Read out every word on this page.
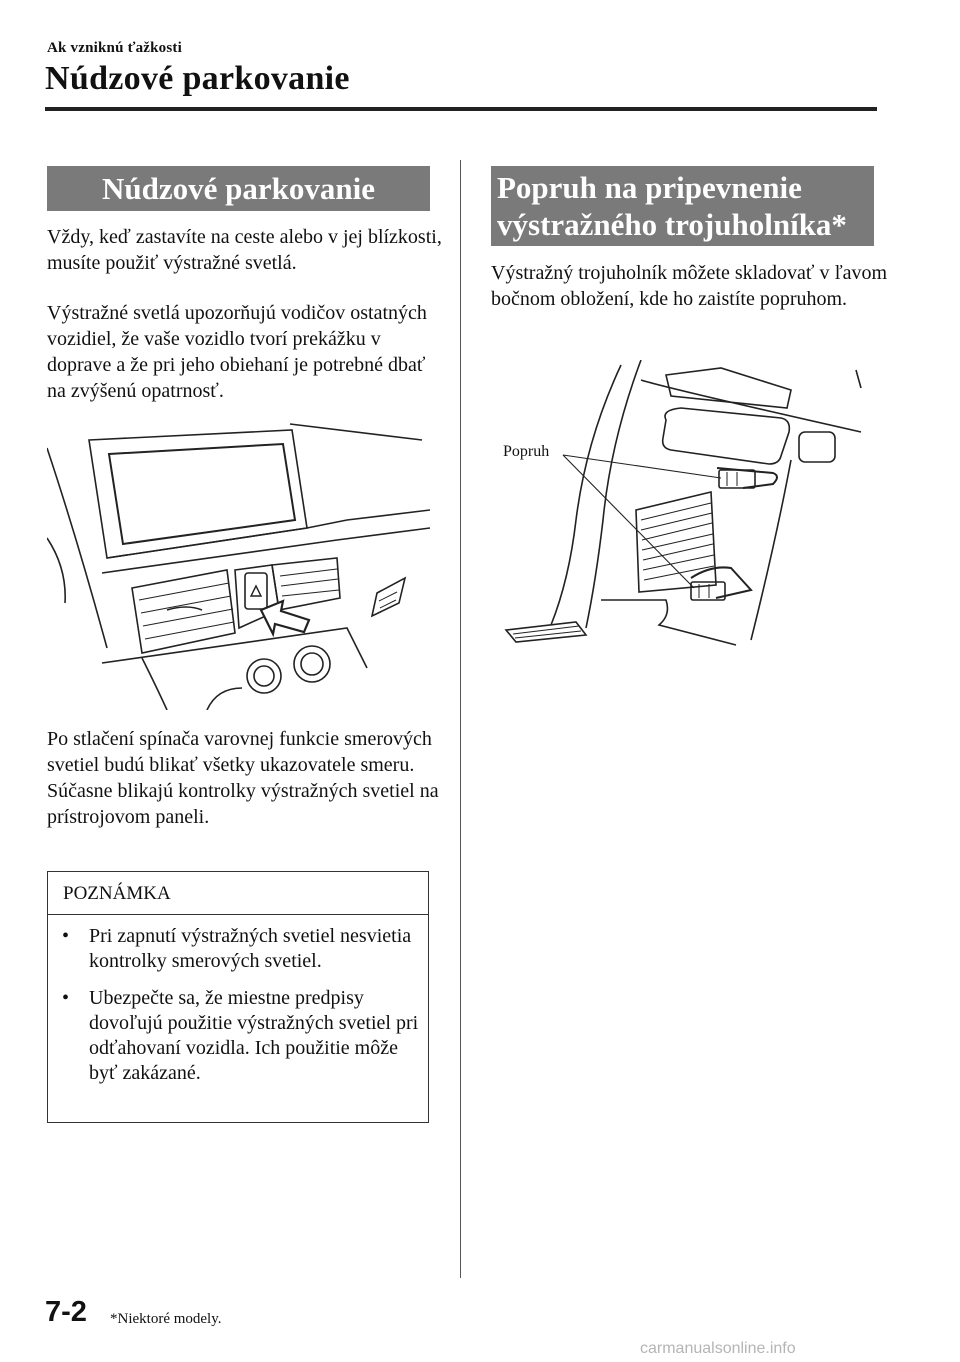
Ak vzniknú ťažkosti
Núdzové parkovanie
Núdzové parkovanie
Vždy, keď zastavíte na ceste alebo v jej blízkosti, musíte použiť výstražné svetlá.
Výstražné svetlá upozorňujú vodičov ostatných vozidiel, že vaše vozidlo tvorí prekážku v doprave a že pri jeho obiehaní je potrebné dbať na zvýšenú opatrnosť.
Po stlačení spínača varovnej funkcie smerových svetiel budú blikať všetky ukazovatele smeru. Súčasne blikajú kontrolky výstražných svetiel na prístrojovom paneli.
POZNÁMKA
• Pri zapnutí výstražných svetiel nesvietia kontrolky smerových svetiel.
• Ubezpečte sa, že miestne predpisy dovoľujú použitie výstražných svetiel pri odťahovaní vozidla. Ich použitie môže byť zakázané.
Popruh na pripevnenie výstražného trojuholníka*
Výstražný trojuholník môžete skladovať v ľavom bočnom obložení, kde ho zaistíte popruhom.
Popruh
7-2 *Niektoré modely.
carmanualsonline.info
